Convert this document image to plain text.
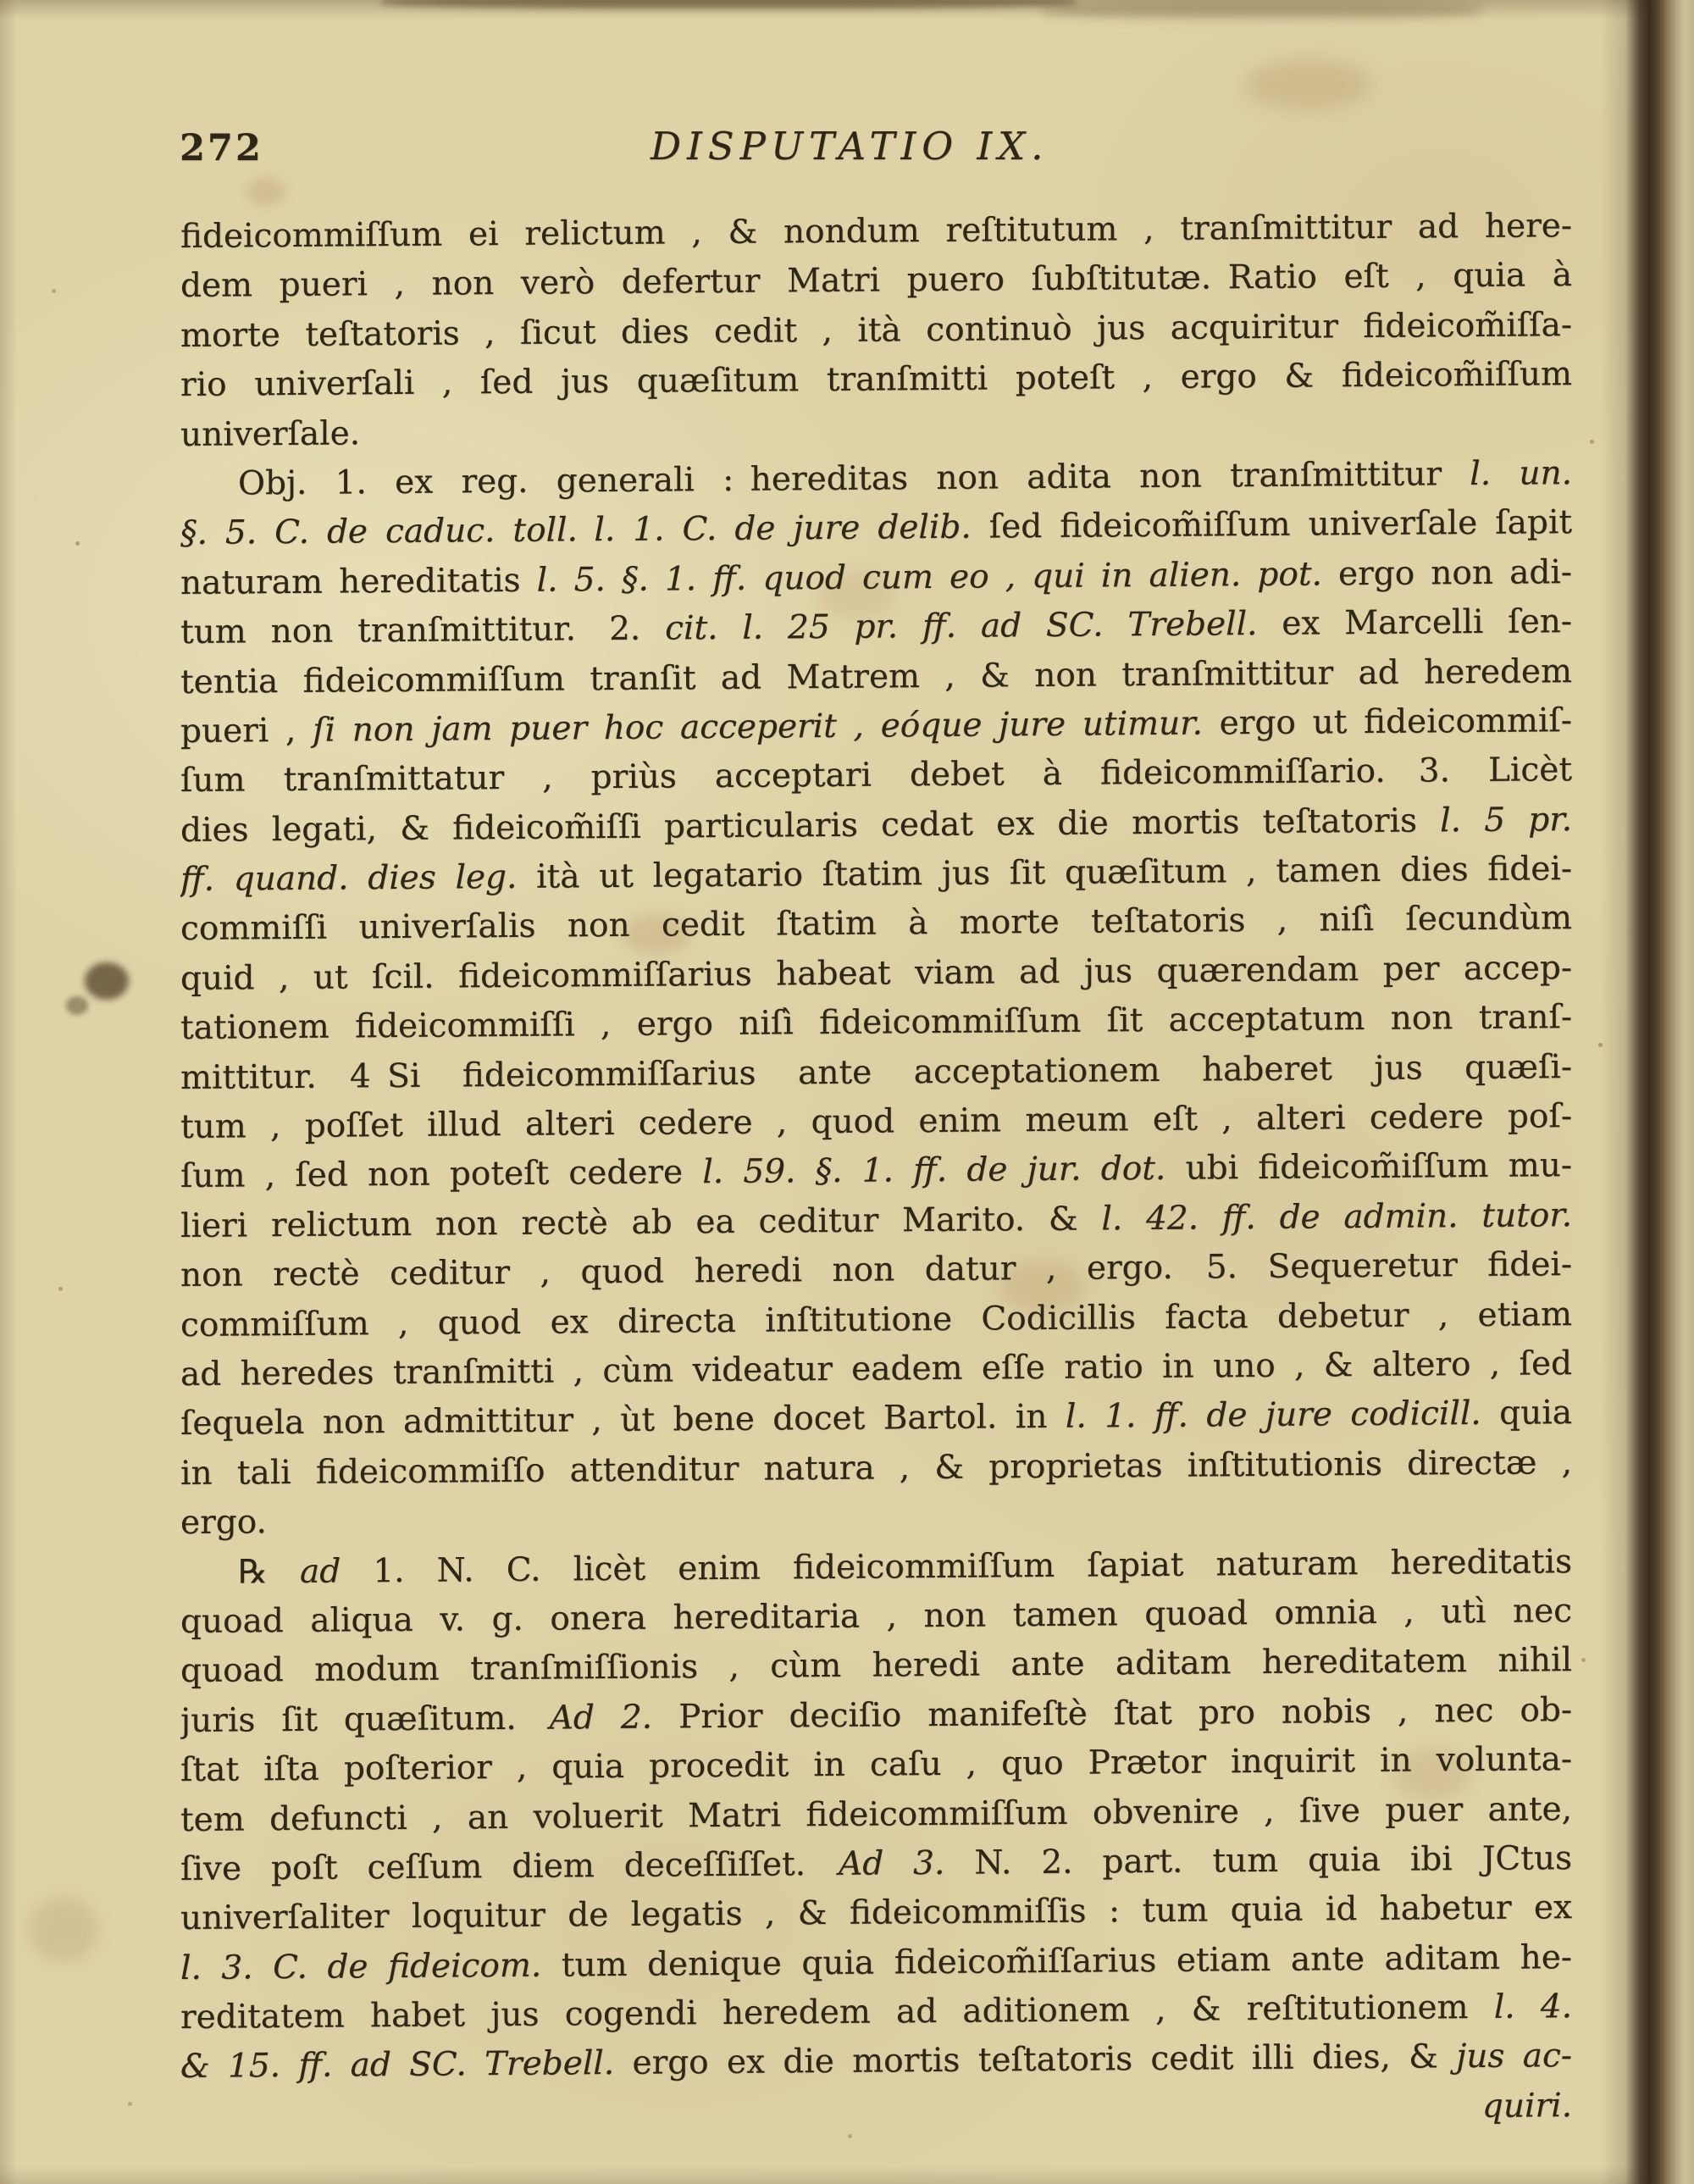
272	DISPUTATIO IX.
fideicommiſſum ei relictum , & nondum reſtitutum , tranſmittitur ad here-
dem pueri , non verò defertur Matri puero ſubſtitutæ. Ratio eſt , quia à
morte teſtatoris , ſicut dies cedit , ità continuò jus acquiritur fideicom̃iſſa-
rio univerſali , ſed jus quæſitum tranſmitti poteſt , ergo & fideicom̃iſſum
univerſale.
Obj. 1. ex reg. generali : hereditas non adita non tranſmittitur l. un.
§. 5. C. de caduc. toll. l. 1. C. de jure delib. ſed fideicom̃iſſum univerſale ſapit
naturam hereditatis l. 5. §. 1. ff. quod cum eo , qui in alien. pot. ergo non adi-
tum non tranſmittitur. 2. cit. l. 25 pr. ff. ad SC. Trebell. ex Marcelli ſen-
tentia fideicommiſſum tranſit ad Matrem , & non tranſmittitur ad heredem
pueri , ſi non jam puer hoc acceperit , eóque jure utimur. ergo ut fideicommiſ-
ſum tranſmittatur , priùs acceptari debet à fideicommiſſario. 3. Licèt
dies legati, & fideicom̃iſſi particularis cedat ex die mortis teſtatoris l. 5 pr.
ff. quand. dies leg. ità ut legatario ſtatim jus ſit quæſitum , tamen dies fidei-
commiſſi univerſalis non cedit ſtatim à morte teſtatoris , niſì ſecundùm
quid , ut ſcil. fideicommiſſarius habeat viam ad jus quærendam per accep-
tationem fideicommiſſi , ergo niſì fideicommiſſum ſit acceptatum non tranſ-
mittitur. 4 Si fideicommiſſarius ante acceptationem haberet jus quæſi-
tum , poſſet illud alteri cedere , quod enim meum eſt , alteri cedere poſ-
ſum , ſed non poteſt cedere l. 59. §. 1. ff. de jur. dot. ubi fideicom̃iſſum mu-
lieri relictum non rectè ab ea ceditur Marito. & l. 42. ff. de admin. tutor.
non rectè ceditur , quod heredi non datur , ergo. 5. Sequeretur fidei-
commiſſum , quod ex directa inſtitutione Codicillis facta debetur , etiam
ad heredes tranſmitti , cùm videatur eadem eſſe ratio in uno , & altero , ſed
ſequela non admittitur , ùt bene docet Bartol. in l. 1. ff. de jure codicill. quia
in tali fideicommiſſo attenditur natura , & proprietas inſtitutionis directæ ,
ergo.
℞ ad 1. N. C. licèt enim fideicommiſſum ſapiat naturam hereditatis
quoad aliqua v. g. onera hereditaria , non tamen quoad omnia , utì nec
quoad modum tranſmiſſionis , cùm heredi ante aditam hereditatem nihil
juris ſit quæſitum. Ad 2. Prior deciſio manifeſtè ſtat pro nobis , nec ob-
ſtat iſta poſterior , quia procedit in caſu , quo Prætor inquirit in volunta-
tem defuncti , an voluerit Matri fideicommiſſum obvenire , ſive puer ante,
ſive poſt ceſſum diem deceſſiſſet. Ad 3. N. 2. part. tum quia ibi JCtus
univerſaliter loquitur de legatis , & fideicommiſſis : tum quia id habetur ex
l. 3. C. de fideicom. tum denique quia fideicom̃iſſarius etiam ante aditam he-
reditatem habet jus cogendi heredem ad aditionem , & reſtitutionem l. 4.
& 15. ff. ad SC. Trebell. ergo ex die mortis teſtatoris cedit illi dies, & jus ac-
quiri.
